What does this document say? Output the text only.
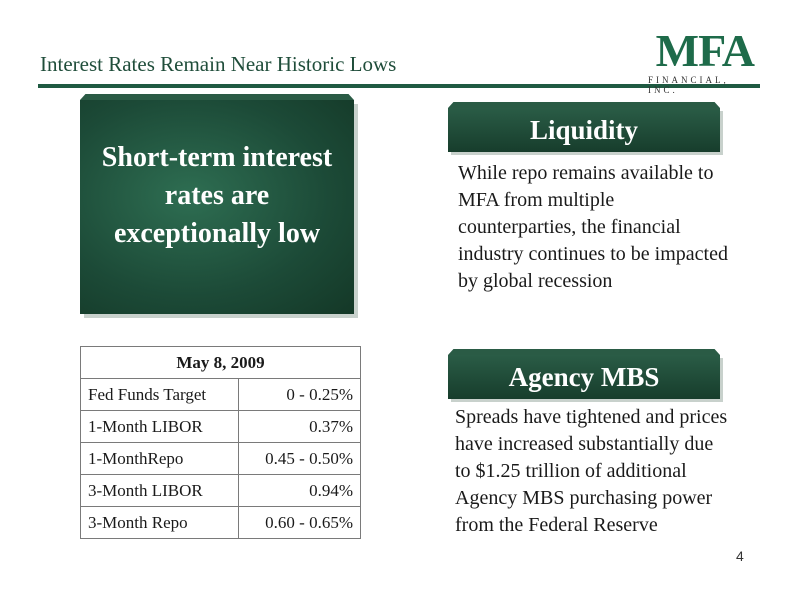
Interest Rates Remain Near Historic Lows	MFA
FINANCIAL, INC.
Short-term interest rates are exceptionally low
Liquidity
While repo remains available to MFA from multiple counterparties, the financial industry continues to be impacted by global recession
Agency MBS
Spreads have tightened and prices have increased substantially due to $1.25 trillion of additional Agency MBS purchasing power from the Federal Reserve
May 8, 2009	
Fed Funds Target	0 - 0.25%
1-Month LIBOR	0.37%
1-MonthRepo	0.45 - 0.50%
3-Month LIBOR	0.94%
3-Month Repo	0.60 - 0.65%
4
